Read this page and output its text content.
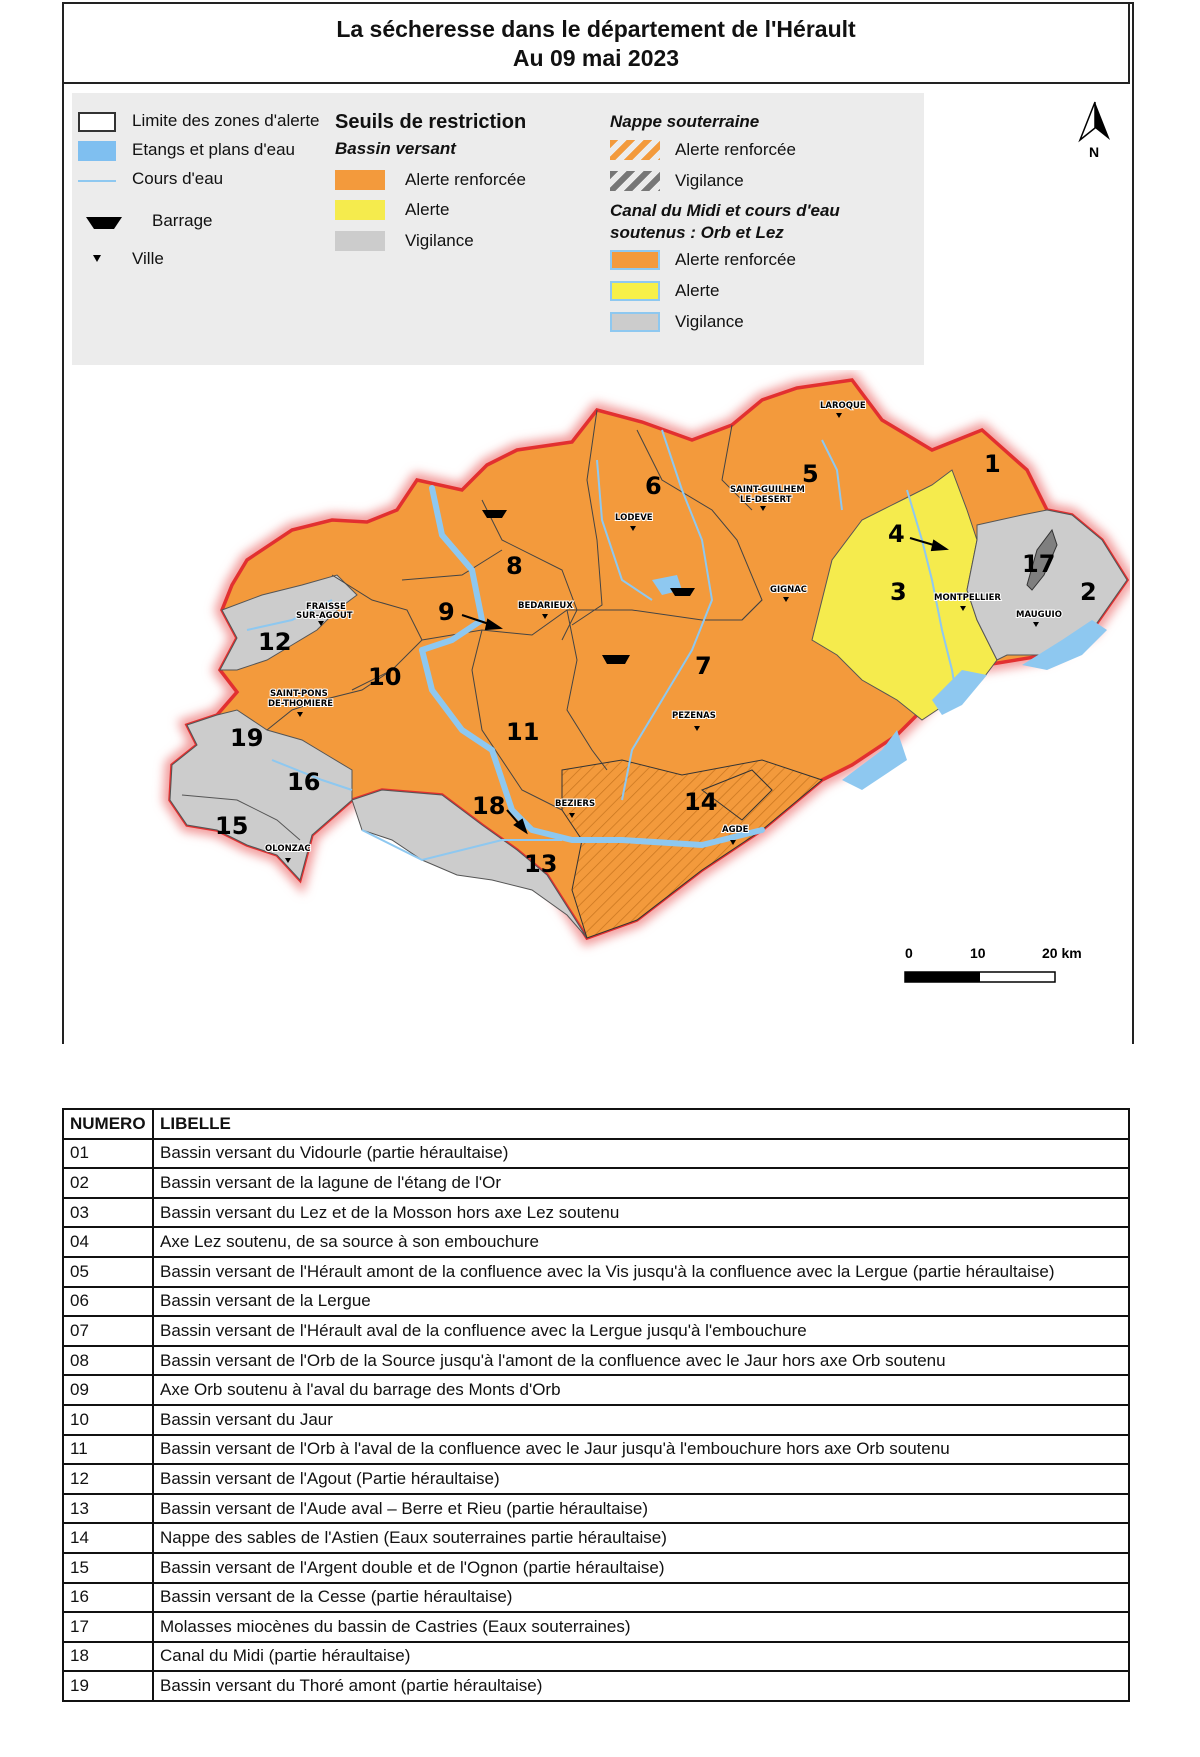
La sécheresse dans le département de l'Hérault
Au 09 mai 2023
Limite des zones d'alerte
Etangs et plans d'eau
Cours d'eau
Barrage
Ville
Seuils de restriction
Bassin versant
Alerte renforcée
Alerte
Vigilance
Nappe souterraine
Alerte renforcée
Vigilance
Canal du Midi et cours d'eau
soutenus : Orb et Lez
Alerte renforcée
Alerte
Vigilance
N
0	10	20 km
LAROQUE
SAINT-GUILHEM
LE-DESERT
LODEVE
GIGNAC
MONTPELLIER
MAUGUIO
BEDARIEUX
FRAISSE
SUR-AGOUT
SAINT-PONS
DE-THOMIERE
PEZENAS
BEZIERS
AGDE
OLONZAC
1
2
3
4
5
6
7
8
9
10
11
12
13
14
15
16
17
18
19
NUMERO	LIBELLE
01	Bassin versant du Vidourle (partie héraultaise)
02	Bassin versant de la lagune de l'étang de l'Or
03	Bassin versant du Lez et de la Mosson hors axe Lez soutenu
04	Axe Lez soutenu, de sa source à son embouchure
05	Bassin versant de l'Hérault amont de la confluence avec la Vis jusqu'à la confluence avec la Lergue (partie héraultaise)
06	Bassin versant de la Lergue
07	Bassin versant de l'Hérault aval de la confluence avec la Lergue jusqu'à l'embouchure
08	Bassin versant de l'Orb de la Source jusqu'à l'amont de la confluence avec le Jaur hors axe Orb soutenu
09	Axe Orb soutenu à l'aval du barrage des Monts d'Orb
10	Bassin versant du Jaur
11	Bassin versant de l'Orb à l'aval de la confluence avec le Jaur jusqu'à l'embouchure hors axe Orb soutenu
12	Bassin versant de l'Agout (Partie héraultaise)
13	Bassin versant de l'Aude aval – Berre et Rieu (partie héraultaise)
14	Nappe des sables de l'Astien (Eaux souterraines partie héraultaise)
15	Bassin versant de l'Argent double et de l'Ognon (partie héraultaise)
16	Bassin versant de la Cesse (partie héraultaise)
17	Molasses miocènes du bassin de Castries (Eaux souterraines)
18	Canal du Midi (partie héraultaise)
19	Bassin versant du Thoré amont (partie héraultaise)
